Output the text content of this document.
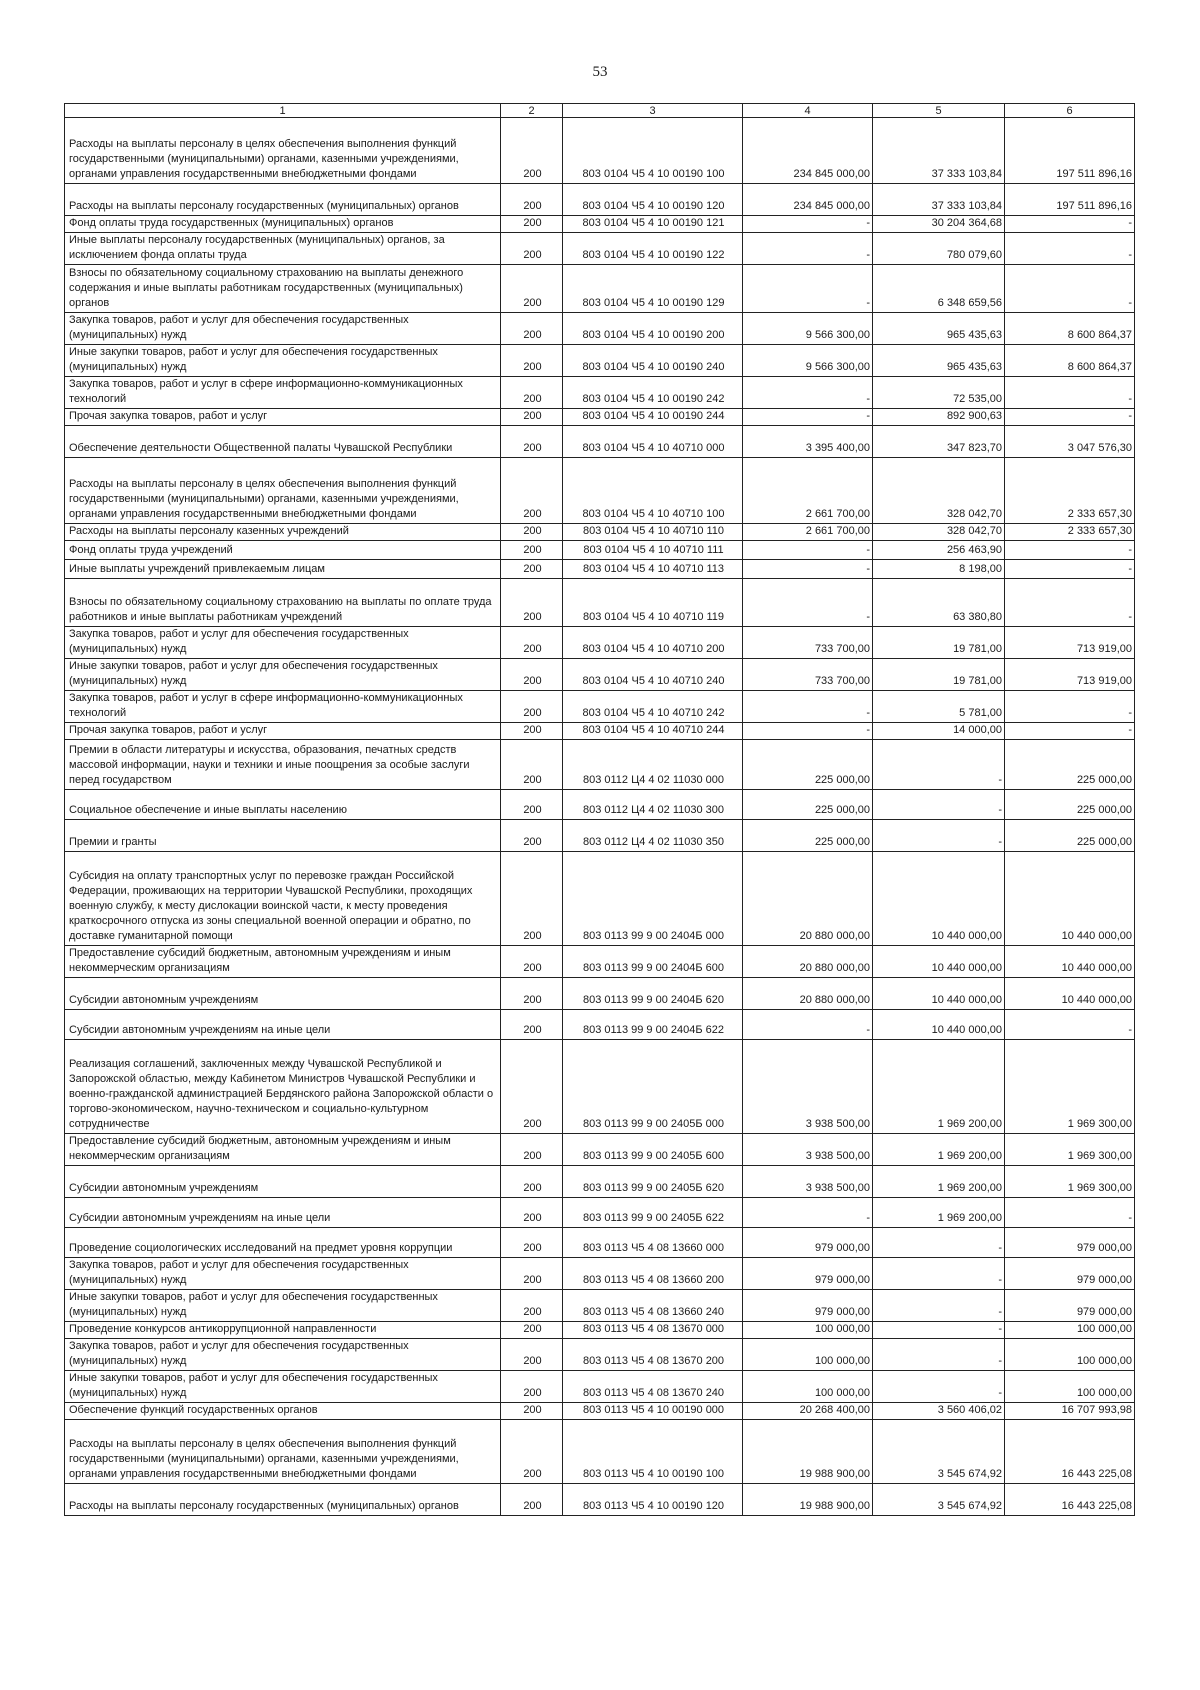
53
1	2	3	4	5	6
Расходы на выплаты персоналу в целях обеспечения выполнения функций государственными (муниципальными) органами, казенными учреждениями, органами управления государственными внебюджетными фондами	200	803 0104 Ч5 4 10 00190 100	234 845 000,00	37 333 103,84	197 511 896,16
Расходы на выплаты персоналу государственных (муниципальных) органов	200	803 0104 Ч5 4 10 00190 120	234 845 000,00	37 333 103,84	197 511 896,16
Фонд оплаты труда государственных (муниципальных) органов	200	803 0104 Ч5 4 10 00190 121	-	30 204 364,68	-
Иные выплаты персоналу государственных (муниципальных) органов, за исключением фонда оплаты труда	200	803 0104 Ч5 4 10 00190 122	-	780 079,60	-
Взносы по обязательному социальному страхованию на выплаты денежного содержания и иные выплаты работникам государственных (муниципальных) органов	200	803 0104 Ч5 4 10 00190 129	-	6 348 659,56	-
Закупка товаров, работ и услуг для обеспечения государственных (муниципальных) нужд	200	803 0104 Ч5 4 10 00190 200	9 566 300,00	965 435,63	8 600 864,37
Иные закупки товаров, работ и услуг для обеспечения государственных (муниципальных) нужд	200	803 0104 Ч5 4 10 00190 240	9 566 300,00	965 435,63	8 600 864,37
Закупка товаров, работ и услуг в сфере информационно-коммуникационных технологий	200	803 0104 Ч5 4 10 00190 242	-	72 535,00	-
Прочая закупка товаров, работ и услуг	200	803 0104 Ч5 4 10 00190 244	-	892 900,63	-
Обеспечение деятельности Общественной палаты Чувашской Республики	200	803 0104 Ч5 4 10 40710 000	3 395 400,00	347 823,70	3 047 576,30
Расходы на выплаты персоналу в целях обеспечения выполнения функций государственными (муниципальными) органами, казенными учреждениями, органами управления государственными внебюджетными фондами	200	803 0104 Ч5 4 10 40710 100	2 661 700,00	328 042,70	2 333 657,30
Расходы на выплаты персоналу казенных учреждений	200	803 0104 Ч5 4 10 40710 110	2 661 700,00	328 042,70	2 333 657,30
Фонд оплаты труда учреждений	200	803 0104 Ч5 4 10 40710 111	-	256 463,90	-
Иные выплаты учреждений привлекаемым лицам	200	803 0104 Ч5 4 10 40710 113	-	8 198,00	-
Взносы по обязательному социальному страхованию на выплаты по оплате труда работников и иные выплаты работникам учреждений	200	803 0104 Ч5 4 10 40710 119	-	63 380,80	-
Закупка товаров, работ и услуг для обеспечения государственных (муниципальных) нужд	200	803 0104 Ч5 4 10 40710 200	733 700,00	19 781,00	713 919,00
Иные закупки товаров, работ и услуг для обеспечения государственных (муниципальных) нужд	200	803 0104 Ч5 4 10 40710 240	733 700,00	19 781,00	713 919,00
Закупка товаров, работ и услуг в сфере информационно-коммуникационных технологий	200	803 0104 Ч5 4 10 40710 242	-	5 781,00	-
Прочая закупка товаров, работ и услуг	200	803 0104 Ч5 4 10 40710 244	-	14 000,00	-
Премии в области литературы и искусства, образования, печатных средств массовой информации, науки и техники и иные поощрения за особые заслуги перед государством	200	803 0112 Ц4 4 02 11030 000	225 000,00	-	225 000,00
Социальное обеспечение и иные выплаты населению	200	803 0112 Ц4 4 02 11030 300	225 000,00	-	225 000,00
Премии и гранты	200	803 0112 Ц4 4 02 11030 350	225 000,00	-	225 000,00
Субсидия на оплату транспортных услуг по перевозке граждан Российской Федерации, проживающих на территории Чувашской Республики, проходящих военную службу, к месту дислокации воинской части, к месту проведения краткосрочного отпуска из зоны специальной военной операции и обратно, по доставке гуманитарной помощи	200	803 0113 99 9 00 2404Б 000	20 880 000,00	10 440 000,00	10 440 000,00
Предоставление субсидий бюджетным, автономным учреждениям и иным некоммерческим организациям	200	803 0113 99 9 00 2404Б 600	20 880 000,00	10 440 000,00	10 440 000,00
Субсидии автономным учреждениям	200	803 0113 99 9 00 2404Б 620	20 880 000,00	10 440 000,00	10 440 000,00
Субсидии автономным учреждениям на иные цели	200	803 0113 99 9 00 2404Б 622	-	10 440 000,00	-
Реализация соглашений, заключенных между Чувашской Республикой и Запорожской областью, между Кабинетом Министров Чувашской Республики и военно-гражданской администрацией Бердянского района Запорожской области о торгово-экономическом, научно-техническом и социально-культурном сотрудничестве	200	803 0113 99 9 00 2405Б 000	3 938 500,00	1 969 200,00	1 969 300,00
Предоставление субсидий бюджетным, автономным учреждениям и иным некоммерческим организациям	200	803 0113 99 9 00 2405Б 600	3 938 500,00	1 969 200,00	1 969 300,00
Субсидии автономным учреждениям	200	803 0113 99 9 00 2405Б 620	3 938 500,00	1 969 200,00	1 969 300,00
Субсидии автономным учреждениям на иные цели	200	803 0113 99 9 00 2405Б 622	-	1 969 200,00	-
Проведение социологических исследований на предмет уровня коррупции	200	803 0113 Ч5 4 08 13660 000	979 000,00	-	979 000,00
Закупка товаров, работ и услуг для обеспечения государственных (муниципальных) нужд	200	803 0113 Ч5 4 08 13660 200	979 000,00	-	979 000,00
Иные закупки товаров, работ и услуг для обеспечения государственных (муниципальных) нужд	200	803 0113 Ч5 4 08 13660 240	979 000,00	-	979 000,00
Проведение конкурсов антикоррупционной направленности	200	803 0113 Ч5 4 08 13670 000	100 000,00	-	100 000,00
Закупка товаров, работ и услуг для обеспечения государственных (муниципальных) нужд	200	803 0113 Ч5 4 08 13670 200	100 000,00	-	100 000,00
Иные закупки товаров, работ и услуг для обеспечения государственных (муниципальных) нужд	200	803 0113 Ч5 4 08 13670 240	100 000,00	-	100 000,00
Обеспечение функций государственных органов	200	803 0113 Ч5 4 10 00190 000	20 268 400,00	3 560 406,02	16 707 993,98
Расходы на выплаты персоналу в целях обеспечения выполнения функций государственными (муниципальными) органами, казенными учреждениями, органами управления государственными внебюджетными фондами	200	803 0113 Ч5 4 10 00190 100	19 988 900,00	3 545 674,92	16 443 225,08
Расходы на выплаты персоналу государственных (муниципальных) органов	200	803 0113 Ч5 4 10 00190 120	19 988 900,00	3 545 674,92	16 443 225,08
